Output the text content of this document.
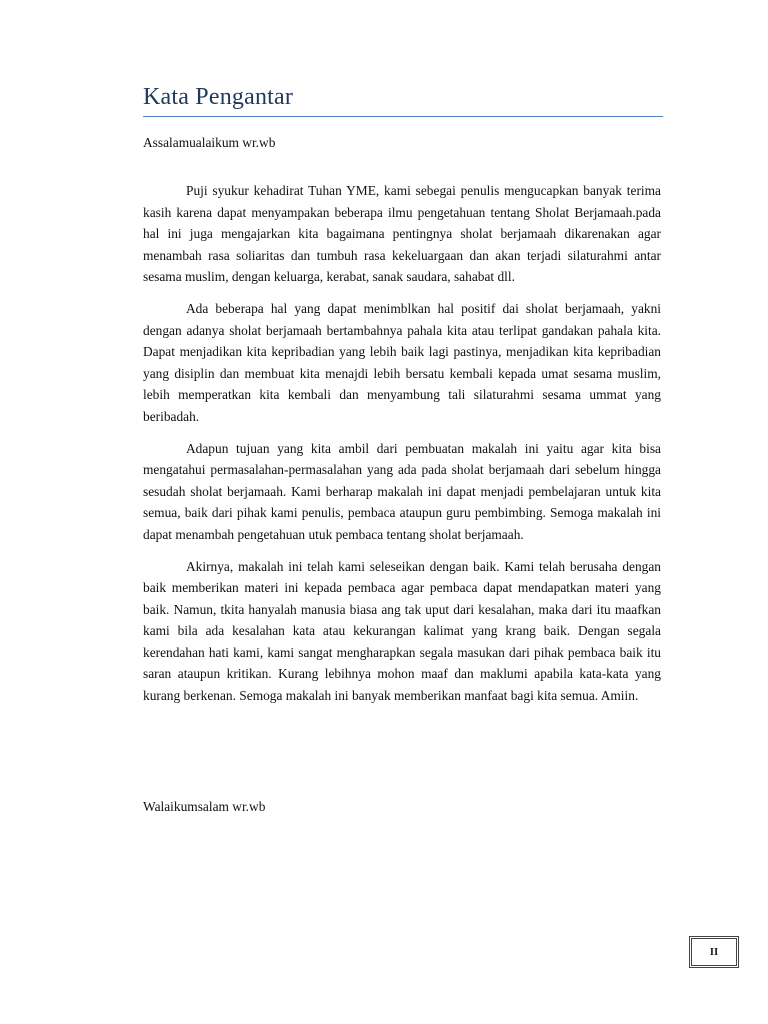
Kata Pengantar
Assalamualaikum wr.wb

Puji syukur kehadirat Tuhan YME, kami sebegai penulis mengucapkan banyak terima kasih karena dapat menyampakan beberapa ilmu pengetahuan tentang Sholat Berjamaah.pada hal ini juga mengajarkan kita bagaimana pentingnya sholat berjamaah dikarenakan agar menambah rasa soliaritas dan tumbuh rasa kekeluargaan dan akan terjadi silaturahmi antar sesama muslim, dengan keluarga, kerabat, sanak saudara, sahabat dll.

Ada beberapa hal yang dapat menimblkan hal positif dai sholat berjamaah, yakni dengan adanya sholat berjamaah bertambahnya pahala kita atau terlipat gandakan pahala kita. Dapat menjadikan kita kepribadian yang lebih baik lagi pastinya, menjadikan kita kepribadian yang disiplin dan membuat kita menajdi lebih bersatu kembali kepada umat sesama muslim, lebih memperatkan kita kembali dan menyambung tali silaturahmi sesama ummat yang beribadah.

Adapun tujuan yang kita ambil dari pembuatan makalah ini yaitu agar kita bisa mengatahui permasalahan-permasalahan yang ada pada sholat berjamaah dari sebelum hingga sesudah sholat berjamaah. Kami berharap makalah ini dapat menjadi pembelajaran untuk kita semua, baik dari pihak kami penulis, pembaca ataupun guru pembimbing. Semoga makalah ini dapat menambah pengetahuan utuk pembaca tentang sholat berjamaah.

Akirnya, makalah ini telah kami seleseikan dengan baik. Kami telah berusaha dengan baik memberikan materi ini kepada pembaca agar pembaca dapat mendapatkan materi yang baik. Namun, tkita hanyalah manusia biasa ang tak uput dari kesalahan, maka dari itu maafkan kami bila ada kesalahan kata atau kekurangan kalimat yang krang baik. Dengan segala kerendahan hati kami, kami sangat mengharapkan segala masukan dari pihak pembaca baik itu saran ataupun kritikan. Kurang lebihnya mohon maaf dan maklumi apabila kata-kata yang kurang berkenan. Semoga makalah ini banyak memberikan manfaat bagi kita semua. Amiin.

Walaikumsalam wr.wb
II
